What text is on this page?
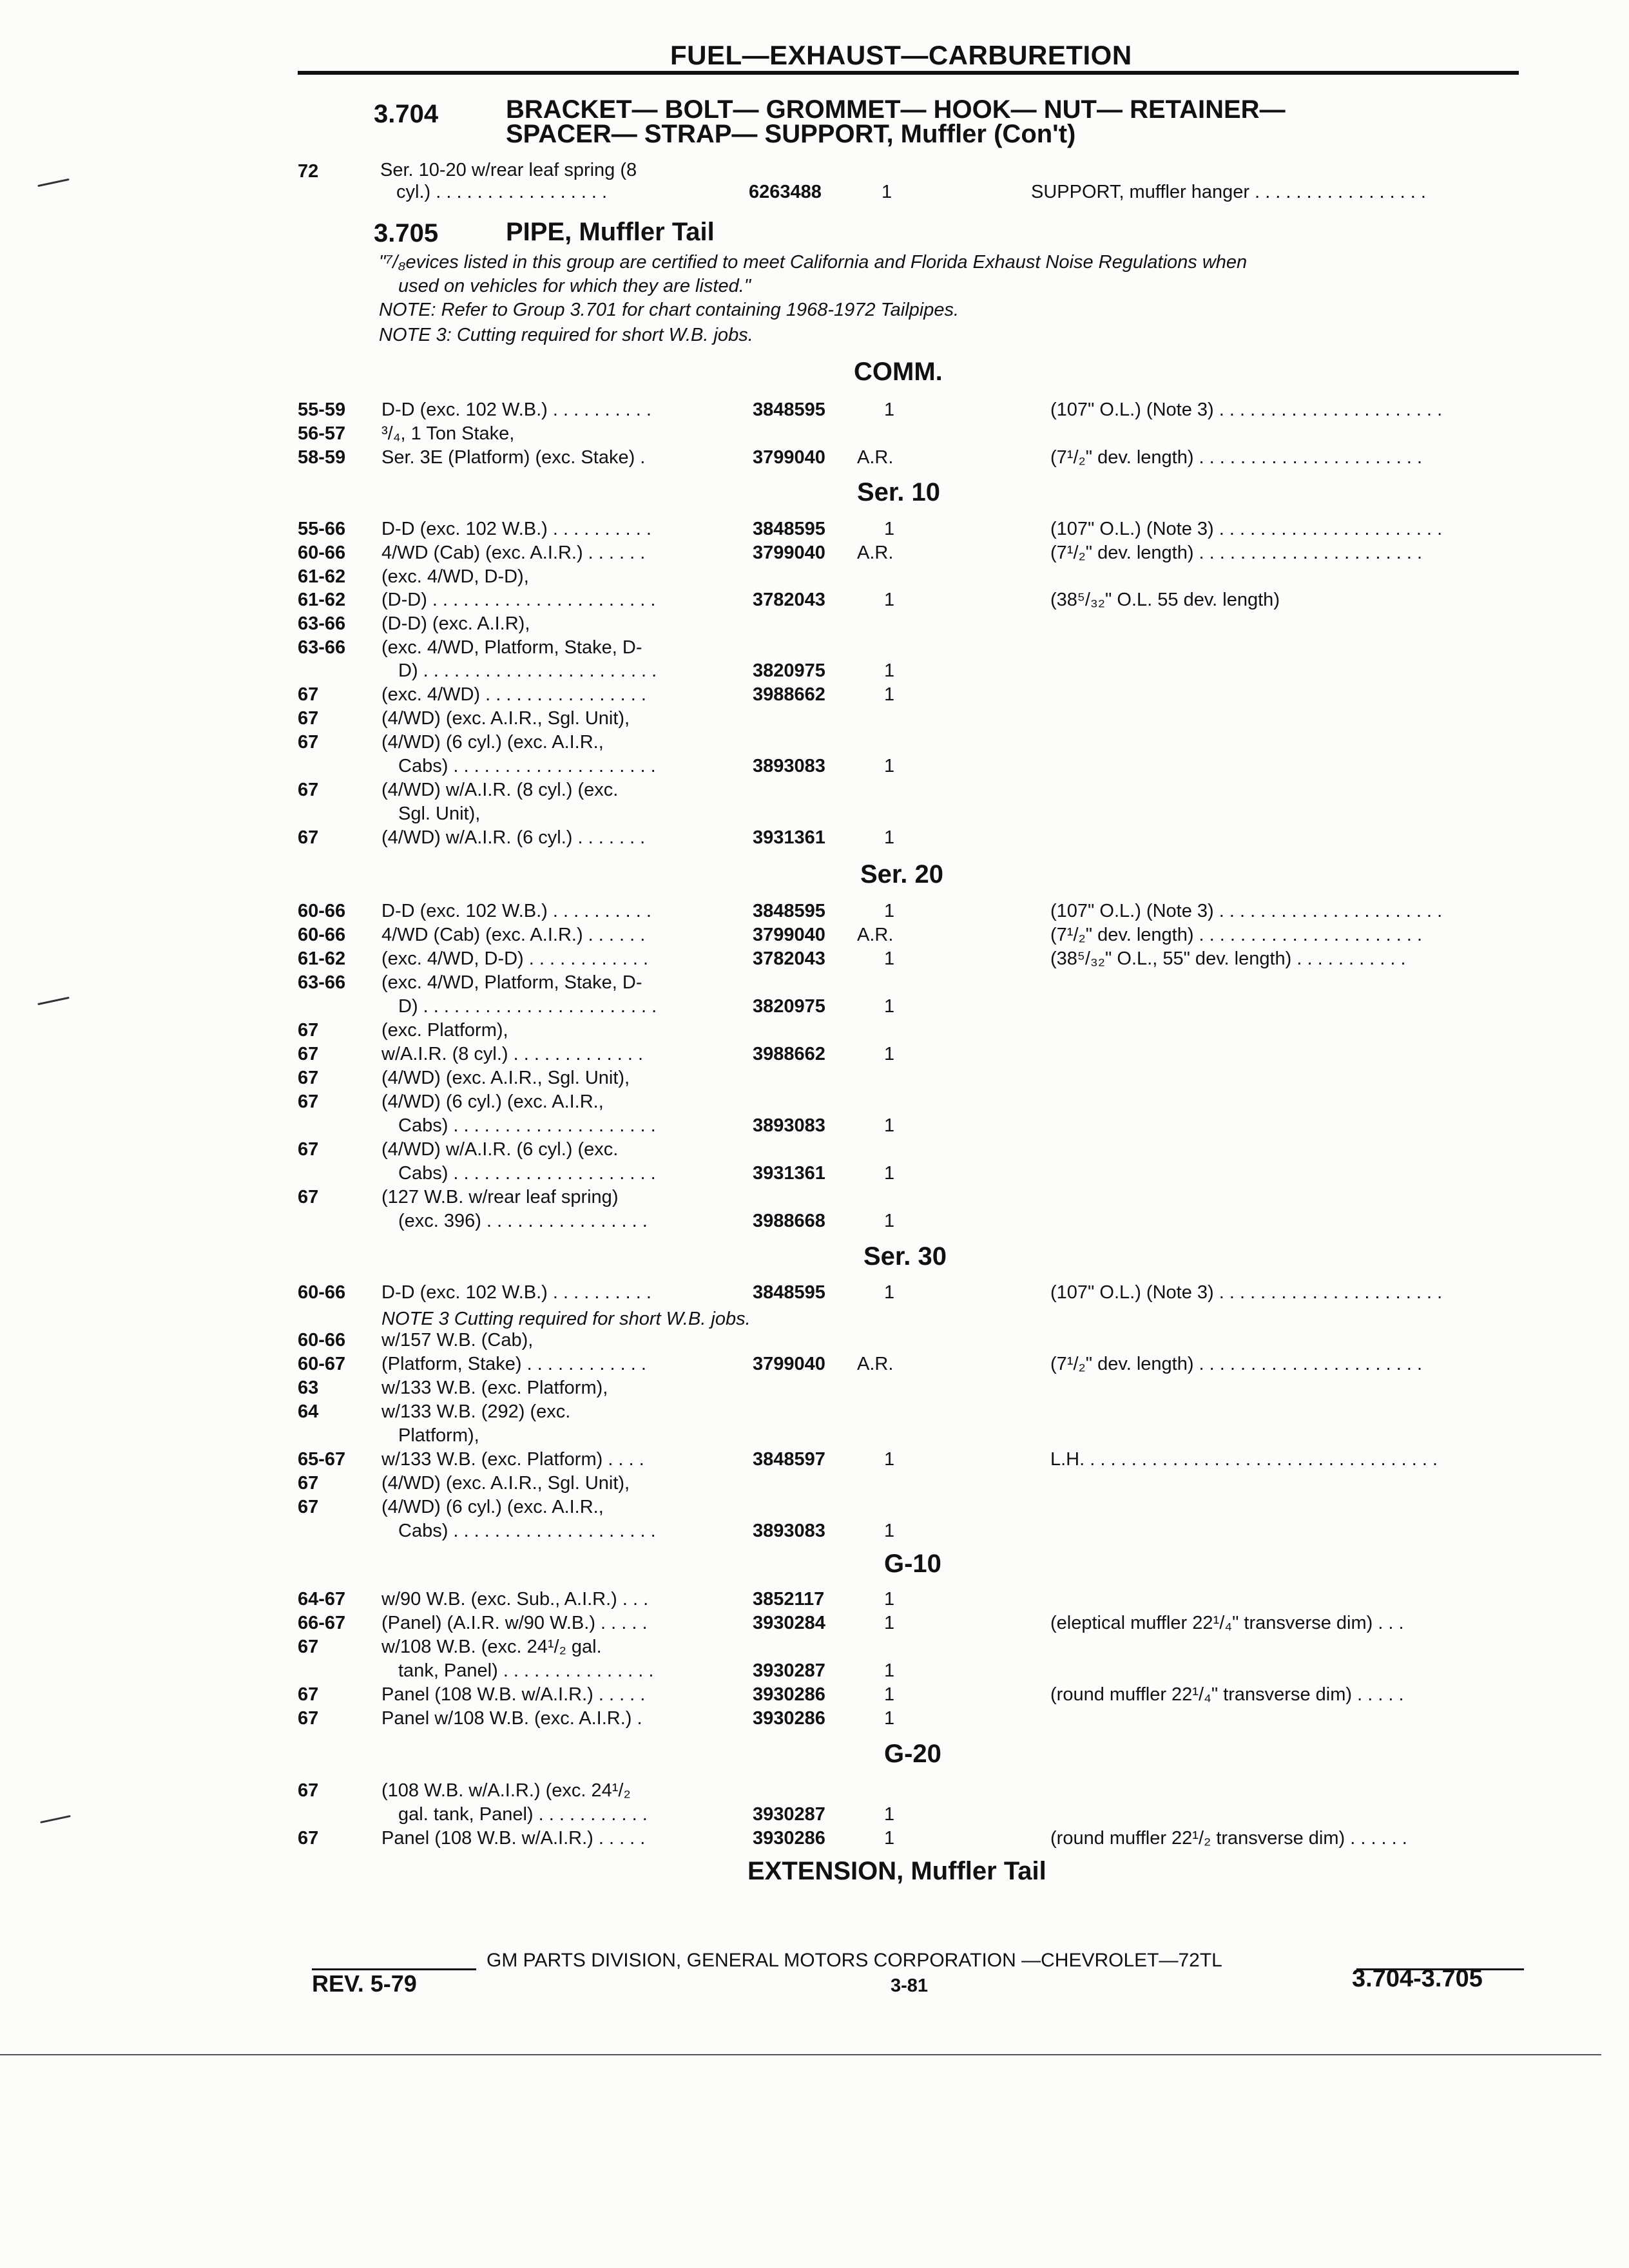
FUEL—EXHAUST—CARBURETION
3.704	BRACKET— BOLT— GROMMET— HOOK— NUT— RETAINER—
SPACER— STRAP— SUPPORT, Muffler (Con't)
72	Ser. 10-20 w/rear leaf spring (8
cyl.) . . . . . . . . . . . . . . . . .	6263488	1	SUPPORT, muffler hanger . . . . . . . . . . . . . . . . .
3.705	PIPE, Muffler Tail
"⁷/₈evices listed in this group are certified to meet California and Florida Exhaust Noise Regulations when
used on vehicles for which they are listed."
NOTE: Refer to Group 3.701 for chart containing 1968-1972 Tailpipes.
NOTE 3: Cutting required for short W.B. jobs.
COMM.
Ser. 10
Ser. 20
Ser. 30
G-10
G-20
EXTENSION, Muffler Tail
55-59 D-D (exc. 102 W.B.) . . . . . . . . . .	3848595	1	(107" O.L.) (Note 3) . . . . . . . . . . . . . . . . . . . . . .
56-57 ³/₄, 1 Ton Stake,
58-59 Ser. 3E (Platform) (exc. Stake) .	3799040 A.R.	(7¹/₂" dev. length) . . . . . . . . . . . . . . . . . . . . . .
55-66 D-D (exc. 102 W.B.) . . . . . . . . . .	3848595	1	(107" O.L.) (Note 3) . . . . . . . . . . . . . . . . . . . . . .
60-66 4/WD (Cab) (exc. A.I.R.) . . . . . .	3799040 A.R.	(7¹/₂" dev. length) . . . . . . . . . . . . . . . . . . . . . .
61-62 (exc. 4/WD, D-D),
61-62 (D-D) . . . . . . . . . . . . . . . . . . . . . .	3782043	1	(38⁵/₃₂" O.L. 55 dev. length)
63-66 (D-D) (exc. A.I.R),
63-66 (exc. 4/WD, Platform, Stake, D-
D) . . . . . . . . . . . . . . . . . . . . . . .	3820975	1
67	(exc. 4/WD) . . . . . . . . . . . . . . . .	3988662	1
67	(4/WD) (exc. A.I.R., Sgl. Unit),
67	(4/WD) (6 cyl.) (exc. A.I.R.,
Cabs) . . . . . . . . . . . . . . . . . . . .	3893083	1
67	(4/WD) w/A.I.R. (8 cyl.) (exc.
Sgl. Unit),
67	(4/WD) w/A.I.R. (6 cyl.) . . . . . . .	3931361	1
60-66 D-D (exc. 102 W.B.) . . . . . . . . . .	3848595	1	(107" O.L.) (Note 3) . . . . . . . . . . . . . . . . . . . . . .
60-66 4/WD (Cab) (exc. A.I.R.) . . . . . .	3799040 A.R.	(7¹/₂" dev. length) . . . . . . . . . . . . . . . . . . . . . .
61-62 (exc. 4/WD, D-D) . . . . . . . . . . . .	3782043	1	(38⁵/₃₂" O.L., 55" dev. length) . . . . . . . . . . .
63-66 (exc. 4/WD, Platform, Stake, D-
D) . . . . . . . . . . . . . . . . . . . . . . .	3820975	1
67	(exc. Platform),
67	w/A.I.R. (8 cyl.) . . . . . . . . . . . . .	3988662	1
67	(4/WD) (exc. A.I.R., Sgl. Unit),
67	(4/WD) (6 cyl.) (exc. A.I.R.,
Cabs) . . . . . . . . . . . . . . . . . . . .	3893083	1
67	(4/WD) w/A.I.R. (6 cyl.) (exc.
Cabs) . . . . . . . . . . . . . . . . . . . .	3931361	1
67	(127 W.B. w/rear leaf spring)
(exc. 396) . . . . . . . . . . . . . . . .	3988668	1
60-66 D-D (exc. 102 W.B.) . . . . . . . . . .	3848595	1	(107" O.L.) (Note 3) . . . . . . . . . . . . . . . . . . . . . .
NOTE 3 Cutting required for short W.B. jobs.
60-66 w/157 W.B. (Cab),
60-67 (Platform, Stake) . . . . . . . . . . . .	3799040 A.R.	(7¹/₂" dev. length) . . . . . . . . . . . . . . . . . . . . . .
63	w/133 W.B. (exc. Platform),
64	w/133 W.B. (292) (exc.
Platform),
65-67 w/133 W.B. (exc. Platform) . . . .	3848597	1	L.H. . . . . . . . . . . . . . . . . . . . . . . . . . . . . . . . . . .
67	(4/WD) (exc. A.I.R., Sgl. Unit),
67	(4/WD) (6 cyl.) (exc. A.I.R.,
Cabs) . . . . . . . . . . . . . . . . . . . .	3893083	1
64-67 w/90 W.B. (exc. Sub., A.I.R.) . . .	3852117	1
66-67 (Panel) (A.I.R. w/90 W.B.) . . . . .	3930284	1	(eleptical muffler 22¹/₄" transverse dim) . . .
67	w/108 W.B. (exc. 24¹/₂ gal.
tank, Panel) . . . . . . . . . . . . . . .	3930287	1
67	Panel (108 W.B. w/A.I.R.) . . . . .	3930286	1	(round muffler 22¹/₄" transverse dim) . . . . .
67	Panel w/108 W.B. (exc. A.I.R.) .	3930286	1
67	(108 W.B. w/A.I.R.) (exc. 24¹/₂
gal. tank, Panel) . . . . . . . . . . .	3930287	1
67	Panel (108 W.B. w/A.I.R.) . . . . .	3930286	1	(round muffler 22¹/₂ transverse dim) . . . . . .
GM PARTS DIVISION, GENERAL MOTORS CORPORATION —CHEVROLET—72TL
REV. 5-79	3-81	3.704-3.705
